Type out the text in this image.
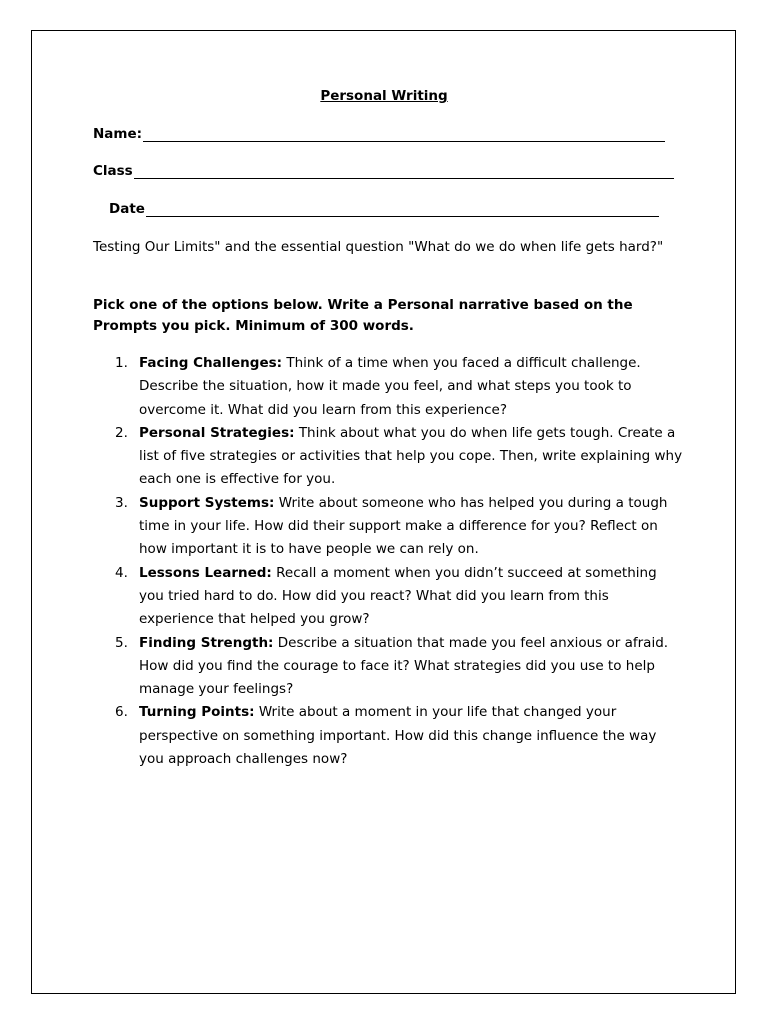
Personal Writing
Name:
Class
Date
Testing Our Limits" and the essential question "What do we do when life gets hard?"
Pick one of the options below. Write a Personal narrative based on the Prompts you pick. Minimum of 300 words.
1. Facing Challenges: Think of a time when you faced a difficult challenge. Describe the situation, how it made you feel, and what steps you took to overcome it. What did you learn from this experience?
2. Personal Strategies: Think about what you do when life gets tough. Create a list of five strategies or activities that help you cope. Then, write explaining why each one is effective for you.
3. Support Systems: Write about someone who has helped you during a tough time in your life. How did their support make a difference for you? Reflect on how important it is to have people we can rely on.
4. Lessons Learned: Recall a moment when you didn’t succeed at something you tried hard to do. How did you react? What did you learn from this experience that helped you grow?
5. Finding Strength: Describe a situation that made you feel anxious or afraid. How did you find the courage to face it? What strategies did you use to help manage your feelings?
6. Turning Points: Write about a moment in your life that changed your perspective on something important. How did this change influence the way you approach challenges now?
